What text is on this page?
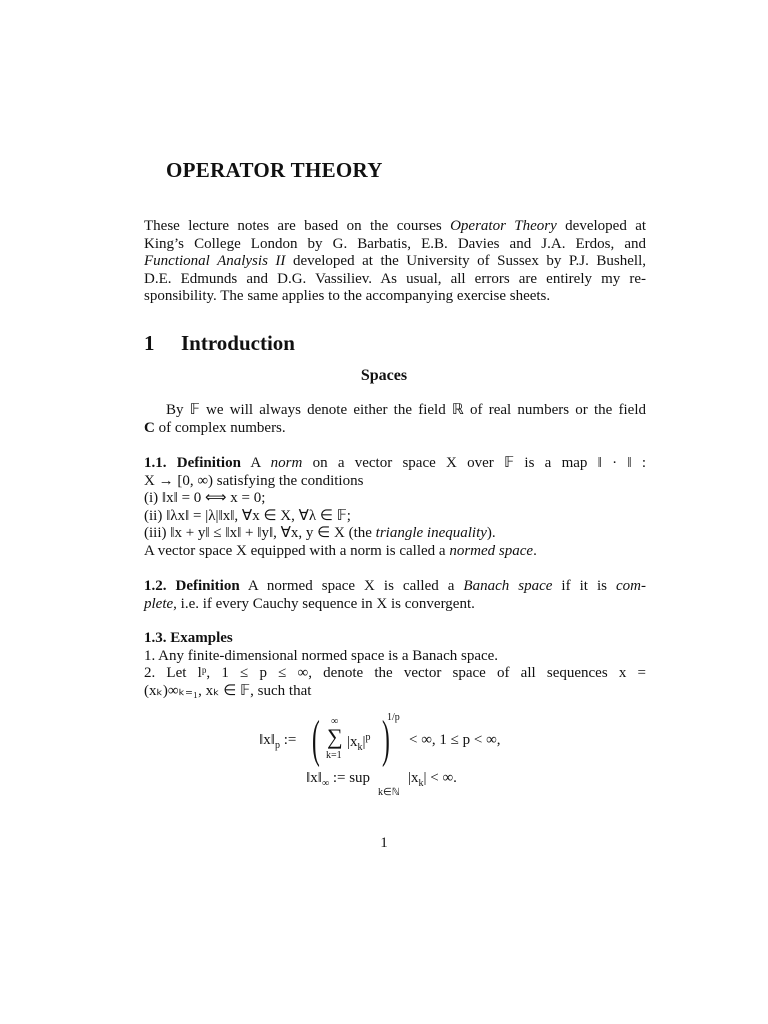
OPERATOR THEORY
These lecture notes are based on the courses Operator Theory developed at
King’s College London by G. Barbatis, E.B. Davies and J.A. Erdos, and
Functional Analysis II developed at the University of Sussex by P.J. Bushell,
D.E. Edmunds and D.G. Vassiliev. As usual, all errors are entirely my re-
sponsibility. The same applies to the accompanying exercise sheets.
1 Introduction
Spaces
By 𝔽 we will always denote either the field ℝ of real numbers or the field
C of complex numbers.
1.1. Definition A norm on a vector space X over 𝔽 is a map ‖ · ‖ :
X → [0, ∞) satisfying the conditions
(i) ‖x‖ = 0 ⟺ x = 0;
(ii) ‖λx‖ = |λ|‖x‖, ∀x ∈ X, ∀λ ∈ 𝔽;
(iii) ‖x + y‖ ≤ ‖x‖ + ‖y‖, ∀x, y ∈ X (the triangle inequality).
A vector space X equipped with a norm is called a normed space.
1.2. Definition A normed space X is called a Banach space if it is com-
plete, i.e. if every Cauchy sequence in X is convergent.
1.3. Examples
1. Any finite-dimensional normed space is a Banach space.
2. Let lᵖ, 1 ≤ p ≤ ∞, denote the vector space of all sequences x =
(xₖ)∞ₖ₌₁, xₖ ∈ 𝔽, such that
$‖x‖_p$ := ( ∞
∑
k=1
$|x_k|^p$ )
1/p
< ∞, 1 ≤ p < ∞,
$‖x‖_\infty$ := sup
k∈ℕ
$|x_k|$ < ∞.
1
